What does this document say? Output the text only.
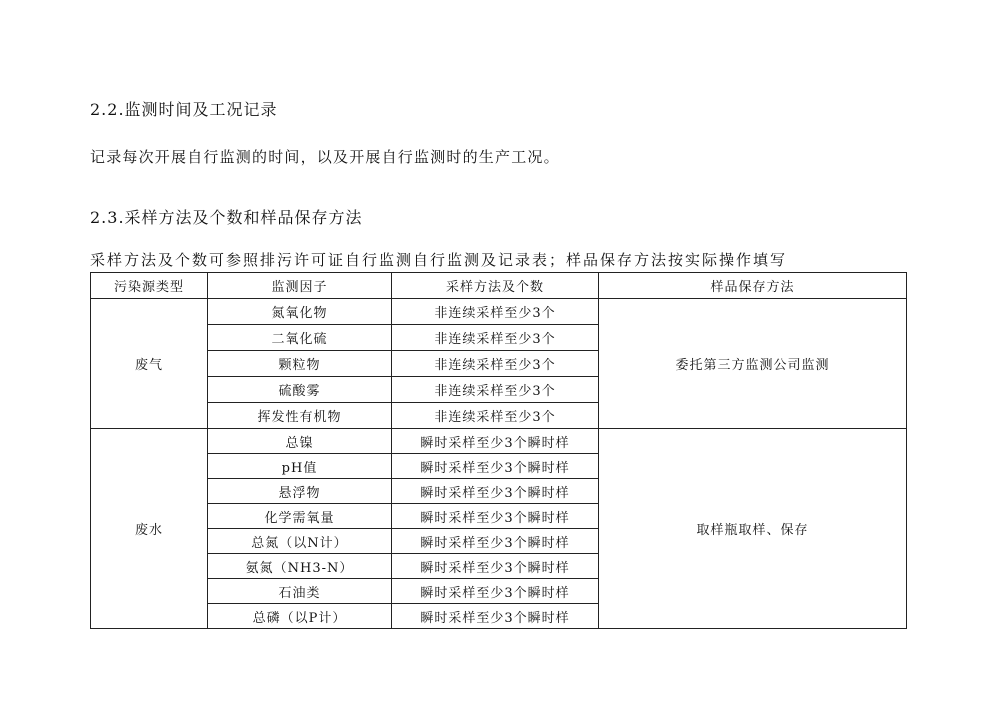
2.2.监测时间及工况记录

记录每次开展自行监测的时间，以及开展自行监测时的生产工况。

2.3.采样方法及个数和样品保存方法

采样方法及个数可参照排污许可证自行监测自行监测及记录表；样品保存方法按实际操作填写

污染源类型	监测因子	采样方法及个数	样品保存方法
废气	氮氧化物	非连续采样至少3个	委托第三方监测公司监测
	二氧化硫	非连续采样至少3个	
	颗粒物	非连续采样至少3个	
	硫酸雾	非连续采样至少3个	
	挥发性有机物	非连续采样至少3个	
废水	总镍	瞬时采样至少3个瞬时样	取样瓶取样、保存
	pH值	瞬时采样至少3个瞬时样	
	悬浮物	瞬时采样至少3个瞬时样	
	化学需氧量	瞬时采样至少3个瞬时样	
	总氮（以N计）	瞬时采样至少3个瞬时样	
	氨氮（NH3-N）	瞬时采样至少3个瞬时样	
	石油类	瞬时采样至少3个瞬时样	
	总磷（以P计）	瞬时采样至少3个瞬时样	
